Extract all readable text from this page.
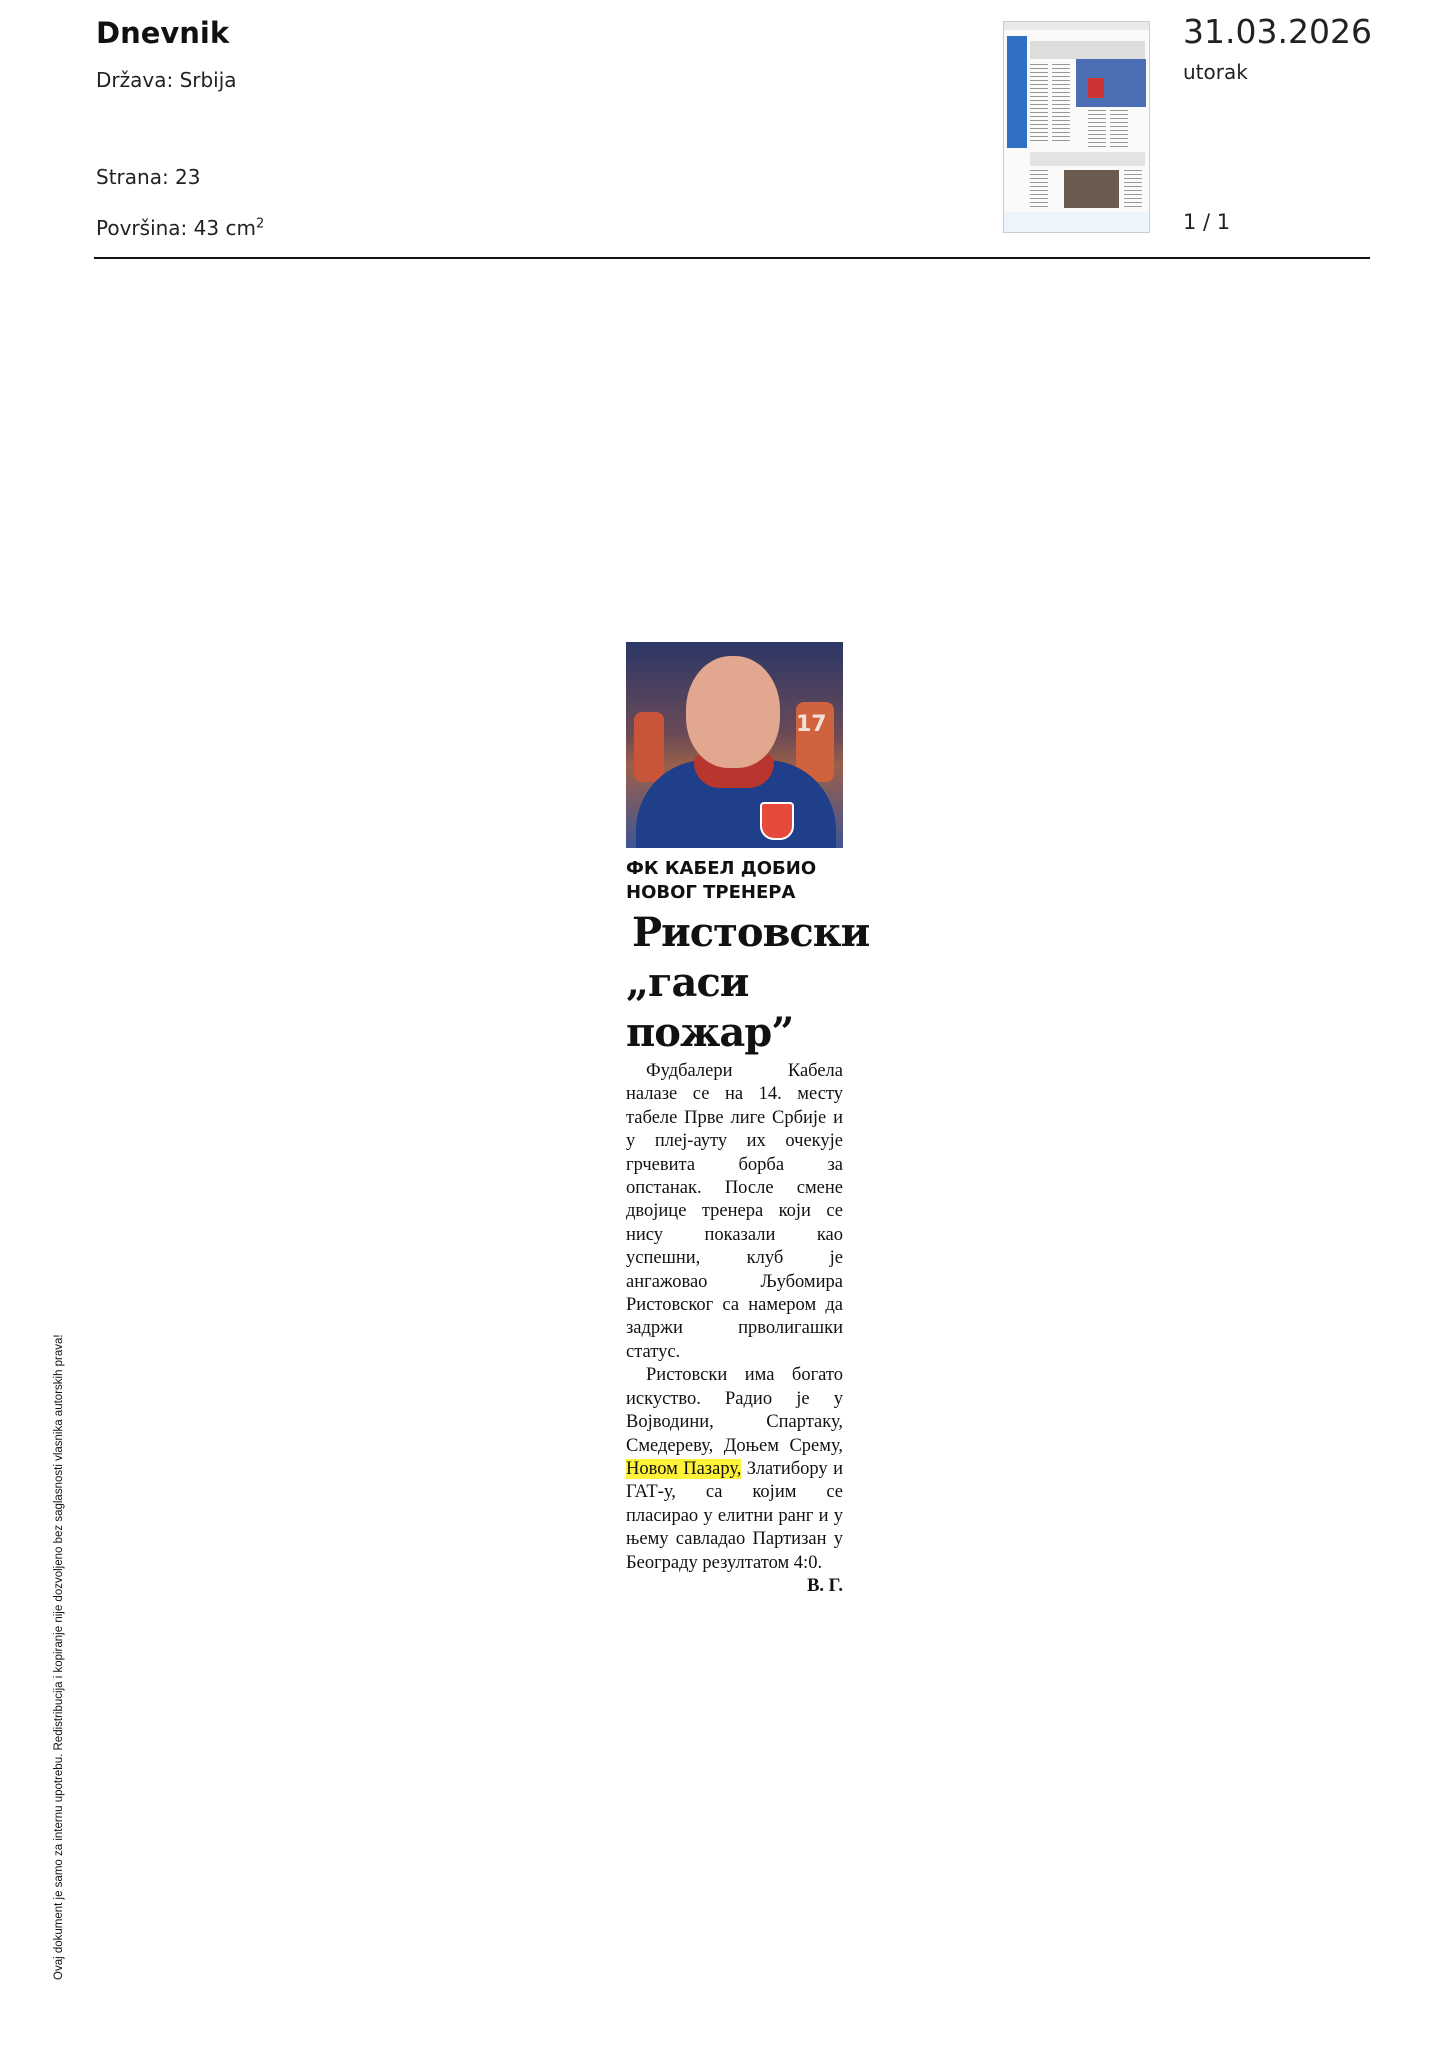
Dnevnik
Država: Srbija
Strana: 23
Površina: 43 $cm^2$
31.03.2026
utorak
1 / 1
17
ФК КАБЕЛ ДОБИО
НОВОГ ТРЕНЕРА
Ристовски
„гаси
пожар”

Фудбалери Кабела налазе се на 14. месту табеле Прве лиге Србије и у плеј-ауту их очекује грчевита борба за опстанак. После смене двојице тренера који се нису показали као успешни, клуб је ангажовао Љубомира Ристовског са намером да задржи прволигашки статус.

Ристовски има богато искуство. Радио је у Војводини, Спартаку, Смедереву, Доњем Срему, Новом Пазару, Златибору и ГАТ-у, са којим се пласирао у елитни ранг и у њему савладао Партизан у Београду резултатом 4:0.
В. Г.

Ovaj dokument je samo za internu upotrebu. Redistribucija i kopiranje nije dozvoljeno bez saglasnosti vlasnika autorskih prava!
